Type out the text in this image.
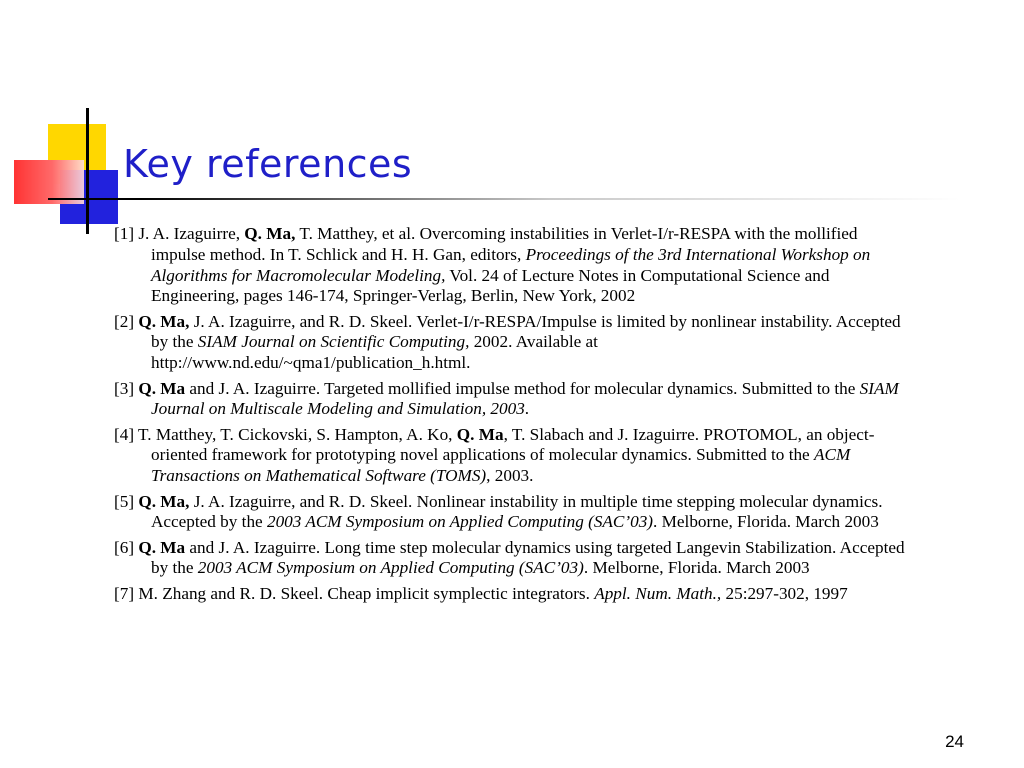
Key references

[1] J. A. Izaguirre, Q. Ma, T. Matthey, et al. Overcoming instabilities in Verlet-I/r-RESPA with the mollified impulse method. In T. Schlick and H. H. Gan, editors, Proceedings of the 3rd International Workshop on Algorithms for Macromolecular Modeling, Vol. 24 of Lecture Notes in Computational Science and Engineering, pages 146-174, Springer-Verlag, Berlin, New York, 2002

[2] Q. Ma, J. A. Izaguirre, and R. D. Skeel. Verlet-I/r-RESPA/Impulse is limited by nonlinear instability. Accepted by the SIAM Journal on Scientific Computing, 2002. Available at http://www.nd.edu/~qma1/publication_h.html.

[3] Q. Ma and J. A. Izaguirre. Targeted mollified impulse method for molecular dynamics. Submitted to the SIAM Journal on Multiscale Modeling and Simulation, 2003.

[4] T. Matthey, T. Cickovski, S. Hampton, A. Ko, Q. Ma, T. Slabach and J. Izaguirre. PROTOMOL, an object-oriented framework for prototyping novel applications of molecular dynamics. Submitted to the ACM Transactions on Mathematical Software (TOMS), 2003.

[5] Q. Ma, J. A. Izaguirre, and R. D. Skeel. Nonlinear instability in multiple time stepping molecular dynamics. Accepted by the 2003 ACM Symposium on Applied Computing (SAC’03). Melborne, Florida. March 2003

[6] Q. Ma and J. A. Izaguirre. Long time step molecular dynamics using targeted Langevin Stabilization. Accepted by the 2003 ACM Symposium on Applied Computing (SAC’03). Melborne, Florida. March 2003

[7] M. Zhang and R. D. Skeel. Cheap implicit symplectic integrators. Appl. Num. Math., 25:297-302, 1997

24
